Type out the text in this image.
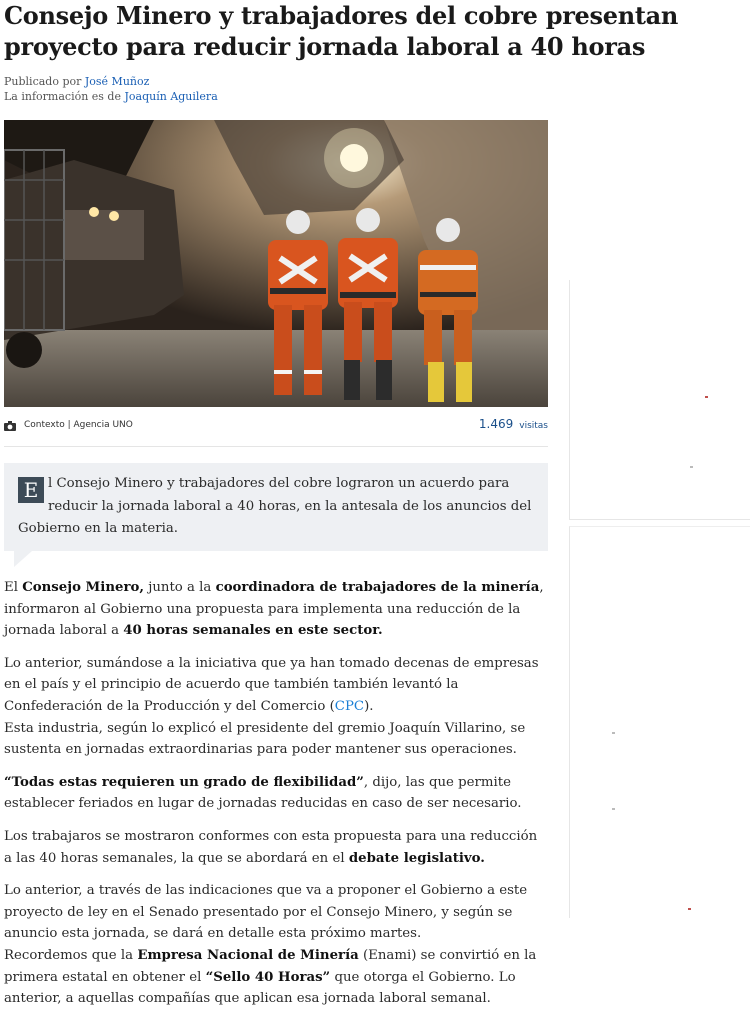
Consejo Minero y trabajadores del cobre presentan proyecto para reducir jornada laboral a 40 horas
Publicado por José Muñoz
La información es de Joaquín Aguilera
Contexto | Agencia UNO	1.469 visitas
E l Consejo Minero y trabajadores del cobre lograron un acuerdo para reducir la jornada laboral a 40 horas, en la antesala de los anuncios del Gobierno en la materia.

El Consejo Minero, junto a la coordinadora de trabajadores de la minería, informaron al Gobierno una propuesta para implementa una reducción de la jornada laboral a 40 horas semanales en este sector.

Lo anterior, sumándose a la iniciativa que ya han tomado decenas de empresas en el país y el principio de acuerdo que también también levantó la Confederación de la Producción y del Comercio (CPC).

Esta industria, según lo explicó el presidente del gremio Joaquín Villarino, se sustenta en jornadas extraordinarias para poder mantener sus operaciones.

“Todas estas requieren un grado de flexibilidad”, dijo, las que permite establecer feriados en lugar de jornadas reducidas en caso de ser necesario.

Los trabajaros se mostraron conformes con esta propuesta para una reducción a las 40 horas semanales, la que se abordará en el debate legislativo.

Lo anterior, a través de las indicaciones que va a proponer el Gobierno a este proyecto de ley en el Senado presentado por el Consejo Minero, y según se anuncio esta jornada, se dará en detalle esta próximo martes.

Recordemos que la Empresa Nacional de Minería (Enami) se convirtió en la primera estatal en obtener el “Sello 40 Horas” que otorga el Gobierno. Lo anterior, a aquellas compañías que aplican esa jornada laboral semanal.
